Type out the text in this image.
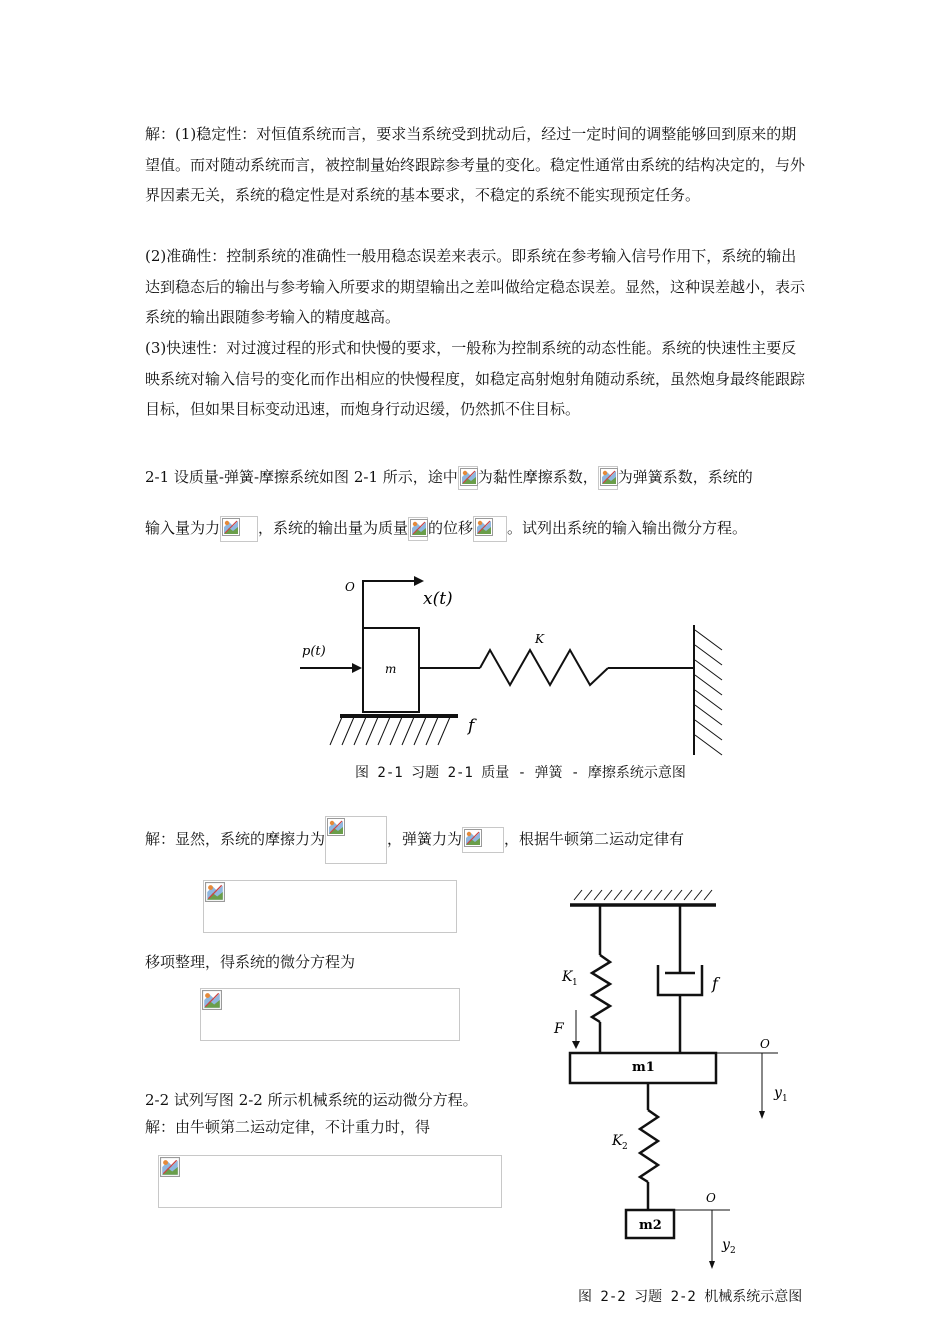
解：(1)稳定性：对恒值系统而言，要求当系统受到扰动后，经过一定时间的调整能够回到原来的期望值。而对随动系统而言，被控制量始终跟踪参考量的变化。稳定性通常由系统的结构决定的，与外界因素无关，系统的稳定性是对系统的基本要求，不稳定的系统不能实现预定任务。

(2)准确性：控制系统的准确性一般用稳态误差来表示。即系统在参考输入信号作用下，系统的输出达到稳态后的输出与参考输入所要求的期望输出之差叫做给定稳态误差。显然，这种误差越小，表示系统的输出跟随参考输入的精度越高。

(3)快速性：对过渡过程的形式和快慢的要求，一般称为控制系统的动态性能。系统的快速性主要反映系统对输入信号的变化而作出相应的快慢程度，如稳定高射炮射角随动系统，虽然炮身最终能跟踪目标，但如果目标变动迅速，而炮身行动迟缓，仍然抓不住目标。

2-1 设质量-弹簧-摩擦系统如图 2-1 所示，途中 为黏性摩擦系数， 为弹簧系数，系统的
输入量为力	，系统的输出量为质量 的位移 。试列出系统的输入输出微分方程。
O
x(t)
p(t)
m
K
f
图 2-1 习题 2-1 质量 - 弹簧 - 摩擦系统示意图
解：显然，系统的摩擦力为	，弹簧力为	，根据牛顿第二运动定律有
移项整理，得系统的微分方程为
2-2 试列写图 2-2 所示机械系统的运动微分方程。
解：由牛顿第二运动定律，不计重力时，得
K 1	f
F
O
m1
y 1
K 2
O
m2
y 2
图 2-2 习题 2-2 机械系统示意图
